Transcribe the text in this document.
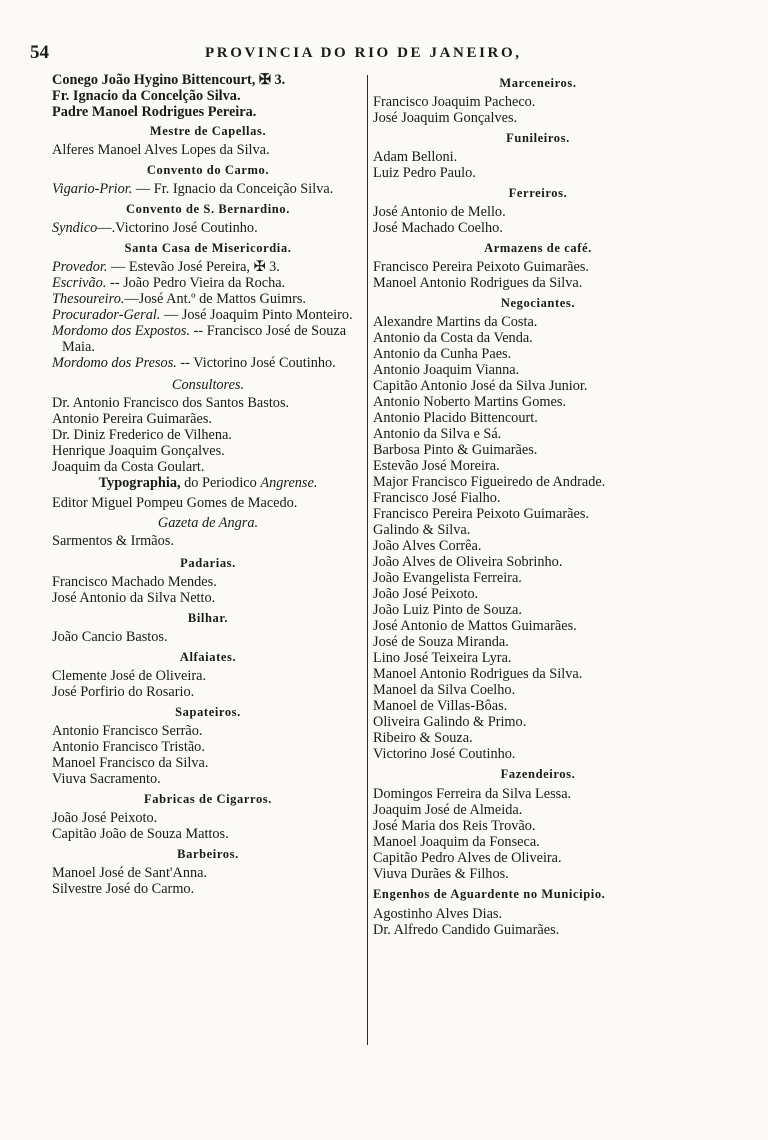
54	PROVINCIA DO RIO DE JANEIRO,
Conego João Hygino Bittencourt, ✠ 3.
Fr. Ignacio da Concelção Silva.
Padre Manoel Rodrigues Pereira.
Mestre de Capellas.
Alferes Manoel Alves Lopes da Silva.
Convento do Carmo.
Vigario-Prior. — Fr. Ignacio da Conceição Silva.
Convento de S. Bernardino.
Syndico—.Victorino José Coutinho.
Santa Casa de Misericordia.
Provedor. — Estevão José Pereira, ✠ 3.
Escrivão. -- João Pedro Vieira da Rocha.
Thesoureiro.—José Ant.º de Mattos Guimrs.
Procurador-Geral. — José Joaquim Pinto Monteiro.
Mordomo dos Expostos. -- Francisco José de Souza Maia.
Mordomo dos Presos. -- Victorino José Coutinho.
Consultores.
Dr. Antonio Francisco dos Santos Bastos.
Antonio Pereira Guimarães.
Dr. Diniz Frederico de Vilhena.
Henrique Joaquim Gonçalves.
Joaquim da Costa Goulart.
Typographia, do Periodico Angrense.
Editor Miguel Pompeu Gomes de Macedo.
Gazeta de Angra.
Sarmentos & Irmãos.
Padarias.
Francisco Machado Mendes.
José Antonio da Silva Netto.
Bilhar.
João Cancio Bastos.
Alfaiates.
Clemente José de Oliveira.
José Porfirio do Rosario.
Sapateiros.
Antonio Francisco Serrão.
Antonio Francisco Tristão.
Manoel Francisco da Silva.
Viuva Sacramento.
Fabricas de Cigarros.
João José Peixoto.
Capitão João de Souza Mattos.
Barbeiros.
Manoel José de Sant'Anna.
Silvestre José do Carmo.
Marceneiros.
Francisco Joaquim Pacheco.
José Joaquim Gonçalves.
Funileiros.
Adam Belloni.
Luiz Pedro Paulo.
Ferreiros.
José Antonio de Mello.
José Machado Coelho.
Armazens de café.
Francisco Pereira Peixoto Guimarães.
Manoel Antonio Rodrigues da Silva.
Negociantes.
Alexandre Martins da Costa.
Antonio da Costa da Venda.
Antonio da Cunha Paes.
Antonio Joaquim Vianna.
Capitão Antonio José da Silva Junior.
Antonio Noberto Martins Gomes.
Antonio Placido Bittencourt.
Antonio da Silva e Sá.
Barbosa Pinto & Guimarães.
Estevão José Moreira.
Major Francisco Figueiredo de Andrade.
Francisco José Fialho.
Francisco Pereira Peixoto Guimarães.
Galindo & Silva.
João Alves Corrêa.
João Alves de Oliveira Sobrinho.
João Evangelista Ferreira.
João José Peixoto.
João Luiz Pinto de Souza.
José Antonio de Mattos Guimarães.
José de Souza Miranda.
Lino José Teixeira Lyra.
Manoel Antonio Rodrigues da Silva.
Manoel da Silva Coelho.
Manoel de Villas-Bôas.
Oliveira Galindo & Primo.
Ribeiro & Souza.
Victorino José Coutinho.
Fazendeiros.
Domingos Ferreira da Silva Lessa.
Joaquim José de Almeida.
José Maria dos Reis Trovão.
Manoel Joaquim da Fonseca.
Capitão Pedro Alves de Oliveira.
Viuva Durães & Filhos.
Engenhos de Aguardente no Municipio.
Agostinho Alves Dias.
Dr. Alfredo Candido Guimarães.
